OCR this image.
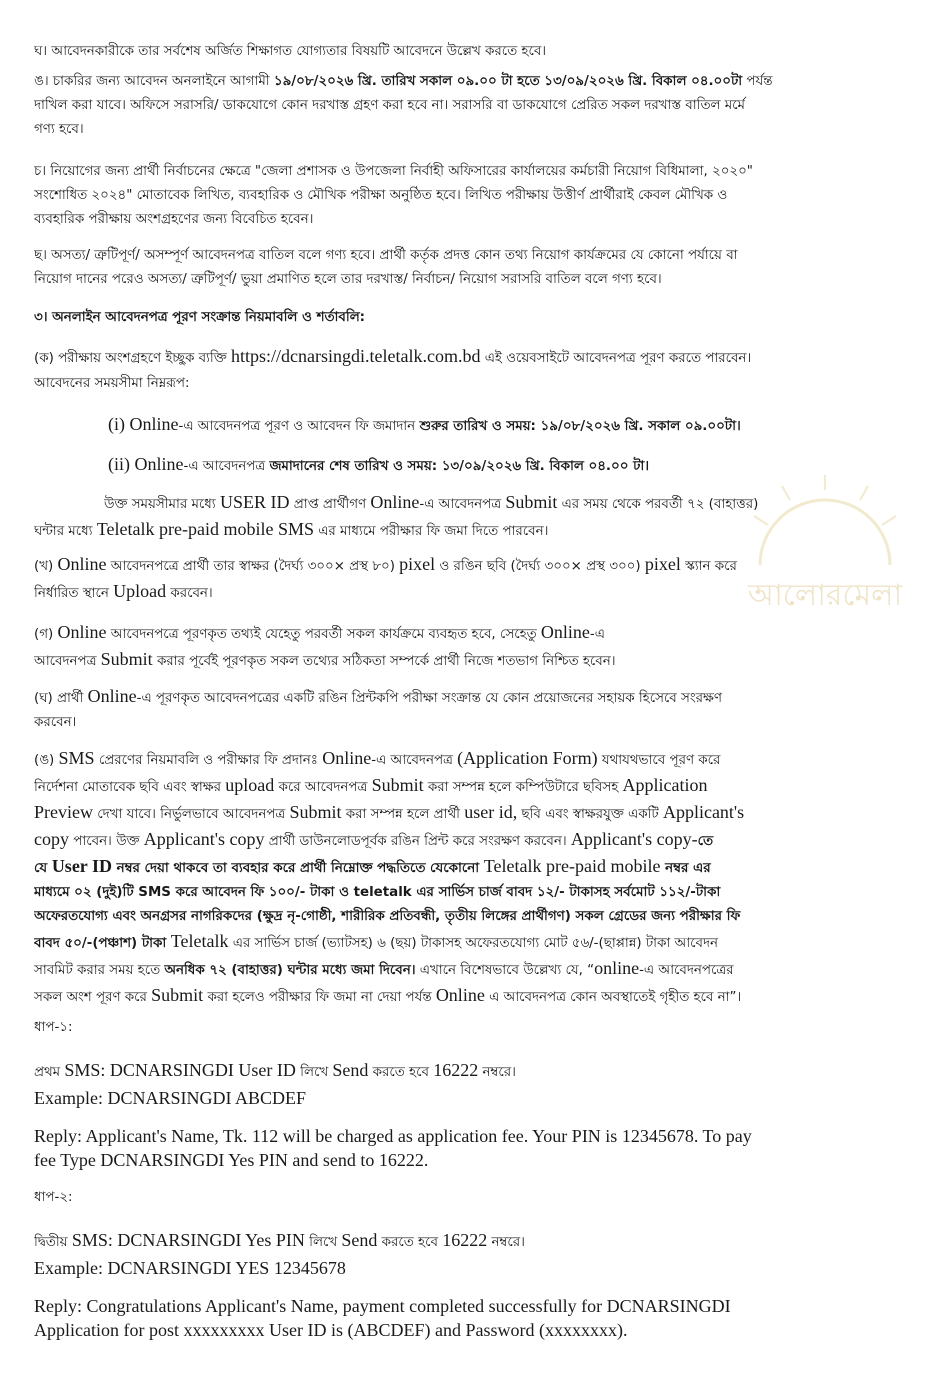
ঘ। আবেদনকারীকে তার সর্বশেষ অর্জিত শিক্ষাগত যোগ্যতার বিষয়টি আবেদনে উল্লেখ করতে হবে।

ঙ। চাকরির জন্য আবেদন অনলাইনে আগামী ১৯/০৮/২০২৬ খ্রি. তারিখ সকাল ০৯.০০ টা হতে ১৩/০৯/২০২৬ খ্রি. বিকাল ০৪.০০টা পর্যন্ত

দাখিল করা যাবে। অফিসে সরাসরি/ ডাকযোগে কোন দরখাস্ত গ্রহণ করা হবে না। সরাসরি বা ডাকযোগে প্রেরিত সকল দরখাস্ত বাতিল মর্মে

গণ্য হবে।

চ। নিয়োগের জন্য প্রার্থী নির্বাচনের ক্ষেত্রে "জেলা প্রশাসক ও উপজেলা নির্বাহী অফিসারের কার্যালয়ের কর্মচারী নিয়োগ বিধিমালা, ২০২০"

সংশোধিত ২০২৪" মোতাবেক লিখিত, ব্যবহারিক ও মৌখিক পরীক্ষা অনুষ্ঠিত হবে। লিখিত পরীক্ষায় উত্তীর্ণ প্রার্থীরাই কেবল মৌখিক ও

ব্যবহারিক পরীক্ষায় অংশগ্রহণের জন্য বিবেচিত হবেন।

ছ। অসত্য/ ত্রুটিপূর্ণ/ অসম্পূর্ণ আবেদনপত্র বাতিল বলে গণ্য হবে। প্রার্থী কর্তৃক প্রদত্ত কোন তথ্য নিয়োগ কার্যক্রমের যে কোনো পর্যায়ে বা

নিয়োগ দানের পরেও অসত্য/ ত্রুটিপূর্ণ/ ভুয়া প্রমাণিত হলে তার দরখাস্ত/ নির্বাচন/ নিয়োগ সরাসরি বাতিল বলে গণ্য হবে।

৩। অনলাইন আবেদনপত্র পূরণ সংক্রান্ত নিয়মাবলি ও শর্তাবলি:

(ক) পরীক্ষায় অংশগ্রহণে ইচ্ছুক ব্যক্তি https://dcnarsingdi.teletalk.com.bd এই ওয়েবসাইটে আবেদনপত্র পূরণ করতে পারবেন।

আবেদনের সময়সীমা নিম্নরূপ:

(i) Online-এ আবেদনপত্র পূরণ ও আবেদন ফি জমাদান শুরুর তারিখ ও সময়: ১৯/০৮/২০২৬ খ্রি. সকাল ০৯.০০টা।

(ii) Online-এ আবেদনপত্র জমাদানের শেষ তারিখ ও সময়: ১৩/০৯/২০২৬ খ্রি. বিকাল ০৪.০০ টা।

উক্ত সময়সীমার মধ্যে USER ID প্রাপ্ত প্রার্থীগণ Online-এ আবেদনপত্র Submit এর সময় থেকে পরবর্তী ৭২ (বাহাত্তর)

ঘন্টার মধ্যে Teletalk pre-paid mobile SMS এর মাধ্যমে পরীক্ষার ফি জমা দিতে পারবেন।

(খ) Online আবেদনপত্রে প্রার্থী তার স্বাক্ষর (দৈর্ঘ্য ৩০০× প্রস্থ ৮০) pixel ও রঙিন ছবি (দৈর্ঘ্য ৩০০× প্রস্থ ৩০০) pixel স্ক্যান করে

নির্ধারিত স্থানে Upload করবেন।

(গ) Online আবেদনপত্রে পূরণকৃত তথ্যই যেহেতু পরবর্তী সকল কার্যক্রমে ব্যবহৃত হবে, সেহেতু Online-এ

আবেদনপত্র Submit করার পূর্বেই পূরণকৃত সকল তথ্যের সঠিকতা সম্পর্কে প্রার্থী নিজে শতভাগ নিশ্চিত হবেন।

(ঘ) প্রার্থী Online-এ পূরণকৃত আবেদনপত্রের একটি রঙিন প্রিন্টকপি পরীক্ষা সংক্রান্ত যে কোন প্রয়োজনের সহায়ক হিসেবে সংরক্ষণ

করবেন।

(ঙ) SMS প্রেরণের নিয়মাবলি ও পরীক্ষার ফি প্রদানঃ Online-এ আবেদনপত্র (Application Form) যথাযথভাবে পূরণ করে

নির্দেশনা মোতাবেক ছবি এবং স্বাক্ষর upload করে আবেদনপত্র Submit করা সম্পন্ন হলে কম্পিউটারে ছবিসহ Application

Preview দেখা যাবে। নির্ভুলভাবে আবেদনপত্র Submit করা সম্পন্ন হলে প্রার্থী user id, ছবি এবং স্বাক্ষরযুক্ত একটি Applicant's

copy পাবেন। উক্ত Applicant's copy প্রার্থী ডাউনলোডপূর্বক রঙিন প্রিন্ট করে সংরক্ষণ করবেন। Applicant's copy-তে

যে User ID নম্বর দেয়া থাকবে তা ব্যবহার করে প্রার্থী নিম্নোক্ত পদ্ধতিতে যেকোনো Teletalk pre-paid mobile নম্বর এর

মাধ্যমে ০২ (দুই)টি SMS করে আবেদন ফি ১০০/- টাকা ও teletalk এর সার্ভিস চার্জ বাবদ ১২/- টাকাসহ সর্বমোট ১১২/-টাকা

অফেরতযোগ্য এবং অনগ্রসর নাগরিকদের (ক্ষুদ্র নৃ-গোষ্ঠী, শারীরিক প্রতিবন্ধী, তৃতীয় লিঙ্গের প্রার্থীগণ) সকল গ্রেডের জন্য পরীক্ষার ফি

বাবদ ৫০/-(পঞ্চাশ) টাকা Teletalk এর সার্ভিস চার্জ (ভ্যাটসহ) ৬ (ছয়) টাকাসহ অফেরতযোগ্য মোট ৫৬/-(ছাপ্পান্ন) টাকা আবেদন

সাবমিট করার সময় হতে অনধিক ৭২ (বাহাত্তর) ঘন্টার মধ্যে জমা দিবেন। এখানে বিশেষভাবে উল্লেখ্য যে, “online-এ আবেদনপত্রের

সকল অংশ পূরণ করে Submit করা হলেও পরীক্ষার ফি জমা না দেয়া পর্যন্ত Online এ আবেদনপত্র কোন অবস্থাতেই গৃহীত হবে না”।

ধাপ-১:

প্রথম SMS: DCNARSINGDI User ID লিখে Send করতে হবে 16222 নম্বরে।

Example: DCNARSINGDI ABCDEF

Reply: Applicant's Name, Tk. 112 will be charged as application fee. Your PIN is 12345678. To pay

fee Type DCNARSINGDI Yes PIN and send to 16222.

ধাপ-২:

দ্বিতীয় SMS: DCNARSINGDI Yes PIN লিখে Send করতে হবে 16222 নম্বরে।

Example: DCNARSINGDI YES 12345678

Reply: Congratulations Applicant's Name, payment completed successfully for DCNARSINGDI

Application for post xxxxxxxxx User ID is (ABCDEF) and Password (xxxxxxxx).

আলোরমেলা
